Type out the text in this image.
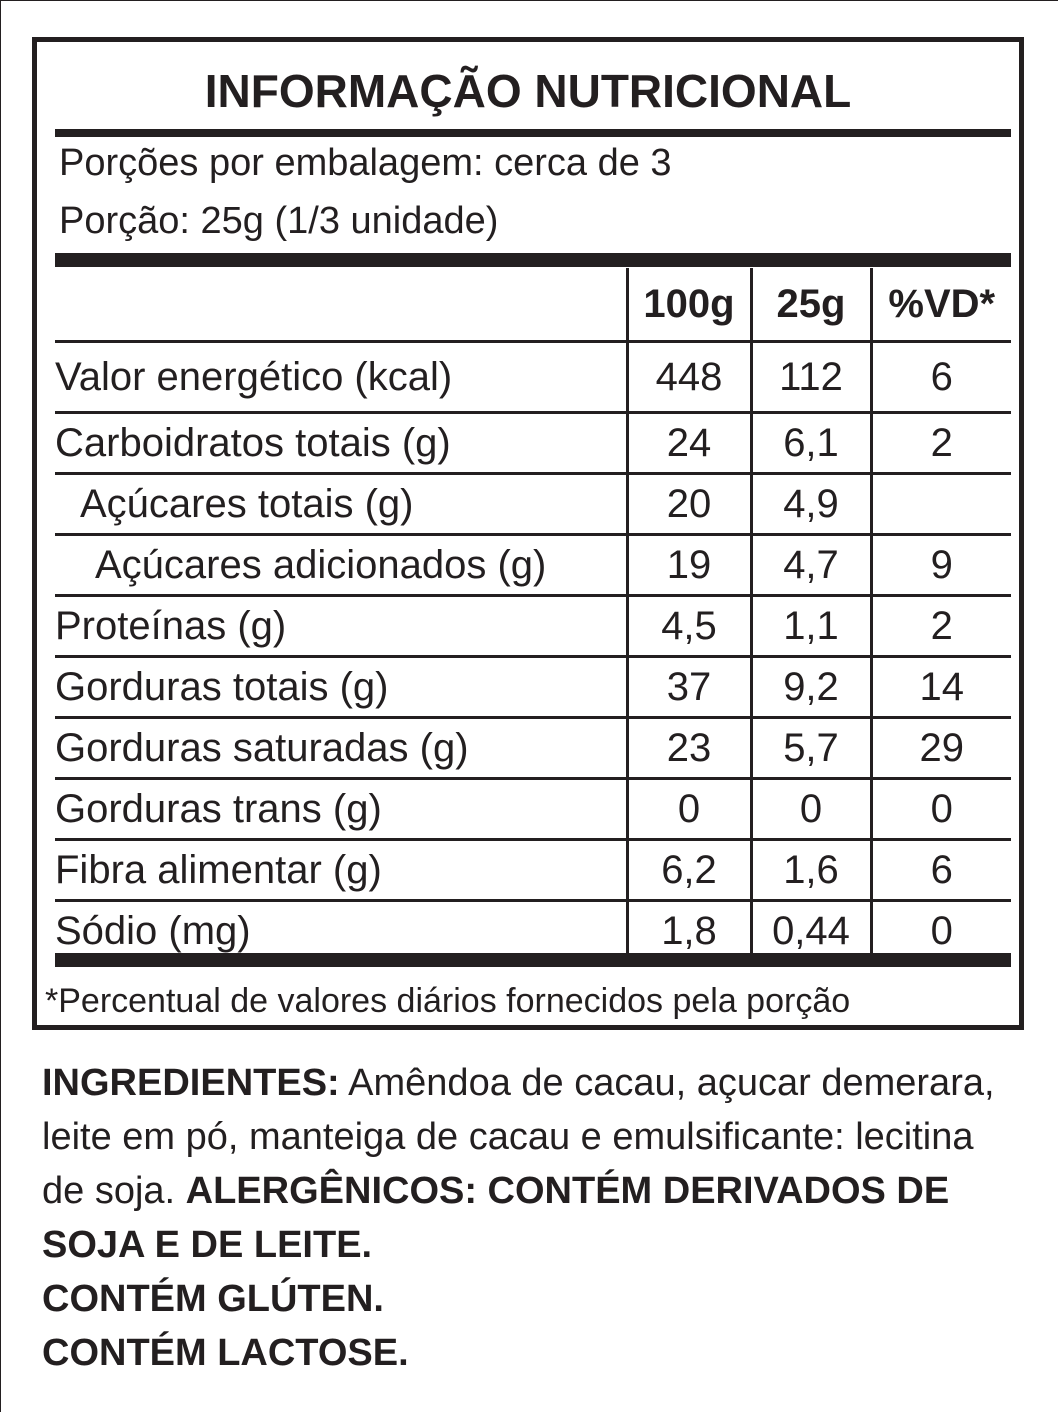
INFORMAÇÃO NUTRICIONAL
Porções por embalagem: cerca de 3
Porção: 25g (1/3 unidade)
	100g	25g	%VD*
Valor energético (kcal)	448	112	6
Carboidratos totais (g)	24	6,1	2
Açúcares totais (g)	20	4,9	
Açúcares adicionados (g)	19	4,7	9
Proteínas (g)	4,5	1,1	2
Gorduras totais (g)	37	9,2	14
Gorduras saturadas (g)	23	5,7	29
Gorduras trans (g)	0	0	0
Fibra alimentar (g)	6,2	1,6	6
Sódio (mg)	1,8	0,44	0
*Percentual de valores diários fornecidos pela porção
INGREDIENTES: Amêndoa de cacau, açucar demerara,
leite em pó, manteiga de cacau e emulsificante: lecitina
de soja. ALERGÊNICOS: CONTÉM DERIVADOS DE
SOJA E DE LEITE.
CONTÉM GLÚTEN.
CONTÉM LACTOSE.
